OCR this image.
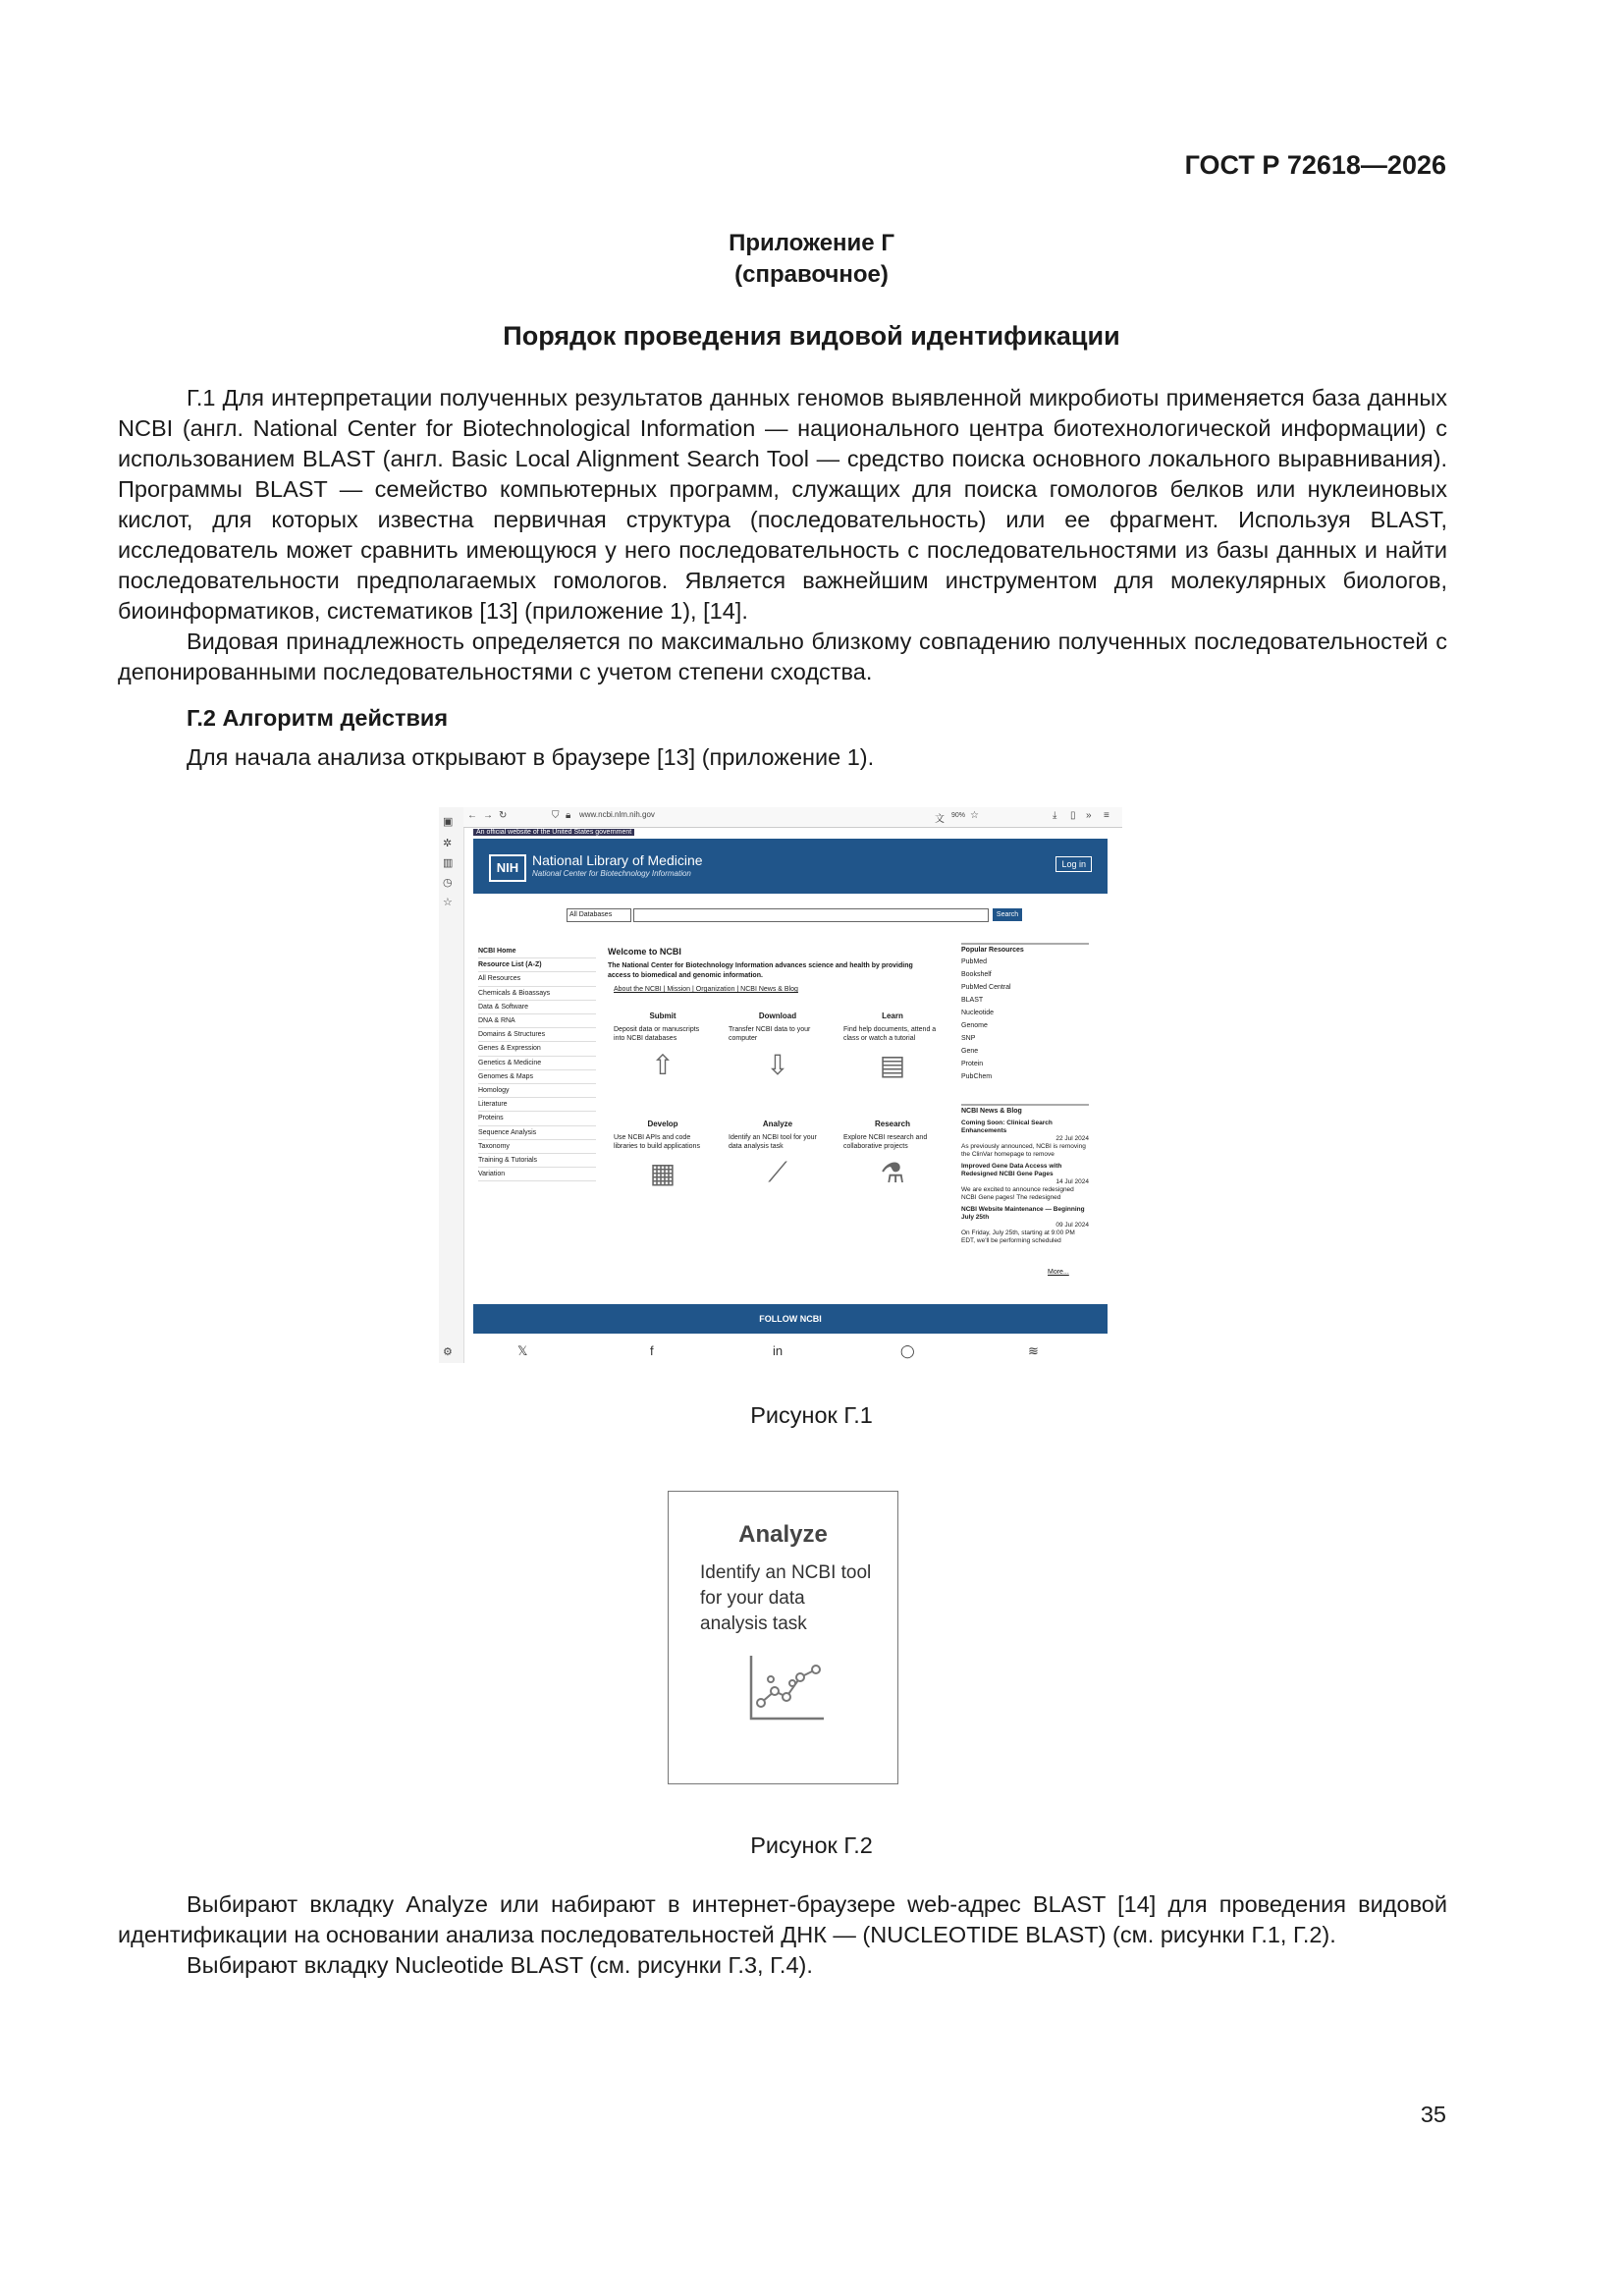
ГОСТ Р 72618—2026
Приложение Г
(справочное)
Порядок проведения видовой идентификации

Г.1 Для интерпретации полученных результатов данных геномов выявленной микробиоты применяется база данных NCBI (англ. National Center for Biotechnological Information — национального центра биотехнологической информации) с использованием BLAST (англ. Basic Local Alignment Search Tool — средство поиска основного локального выравнивания). Программы BLAST — семейство компьютерных программ, служащих для поиска гомологов белков или нуклеиновых кислот, для которых известна первичная структура (последовательность) или ее фрагмент. Используя BLAST, исследователь может сравнить имеющуюся у него последовательность с последовательностями из базы данных и найти последовательности предполагаемых гомологов. Является важнейшим инструментом для молекулярных биологов, биоинформатиков, систематиков [13] (приложение 1), [14].

Видовая принадлежность определяется по максимально близкому совпадению полученных последовательностей с депонированными последовательностями с учетом степени сходства.

Г.2 Алгоритм действия
Для начала анализа открывают в браузере [13] (приложение 1).
▣
✲
▥
◷
☆
⚙
← → ↻	⛉ 🔒︎ www.ncbi.nlm.nih.gov	文 90% ☆	⤓ ▯ » ≡
An official website of the United States government
NIH National Library of Medicine
National Center for Biotechnology Information
Log in
All Databases	Search
NCBI Home
Resource List (A-Z)
All Resources
Chemicals & Bioassays
Data & Software
DNA & RNA
Domains & Structures
Genes & Expression
Genetics & Medicine
Genomes & Maps
Homology
Literature
Proteins
Sequence Analysis
Taxonomy
Training & Tutorials
Variation
Welcome to NCBI
The National Center for Biotechnology Information advances science and health by providing access to biomedical and genomic information.
About the NCBI | Mission | Organization | NCBI News & Blog
Submit
Deposit data or manuscripts into NCBI databases
⇧
Download
Transfer NCBI data to your computer
⇩
Learn
Find help documents, attend a class or watch a tutorial
▤
Develop
Use NCBI APIs and code libraries to build applications
▦
Analyze
Identify an NCBI tool for your data analysis task
⟋
Research
Explore NCBI research and collaborative projects
⚗
Popular Resources
PubMed
Bookshelf
PubMed Central
BLAST
Nucleotide
Genome
SNP
Gene
Protein
PubChem
NCBI News & Blog
Coming Soon: Clinical Search Enhancements
22 Jul 2024
As previously announced, NCBI is removing the ClinVar homepage to remove
Improved Gene Data Access with Redesigned NCBI Gene Pages
14 Jul 2024
We are excited to announce redesigned NCBI Gene pages! The redesigned
NCBI Website Maintenance — Beginning July 25th
09 Jul 2024
On Friday, July 25th, starting at 9:00 PM EDT, we'll be performing scheduled
More...
FOLLOW NCBI
𝕏	f	in	◯	≋
Рисунок Г.1
Analyze
Identify an NCBI tool for your data analysis task
Рисунок Г.2

Выбирают вкладку Analyze или набирают в интернет-браузере web-адрес BLAST [14] для проведения видовой идентификации на основании анализа последовательностей ДНК — (NUCLEOTIDE BLAST) (см. рисунки Г.1, Г.2).

Выбирают вкладку Nucleotide BLAST (см. рисунки Г.3, Г.4).

35
